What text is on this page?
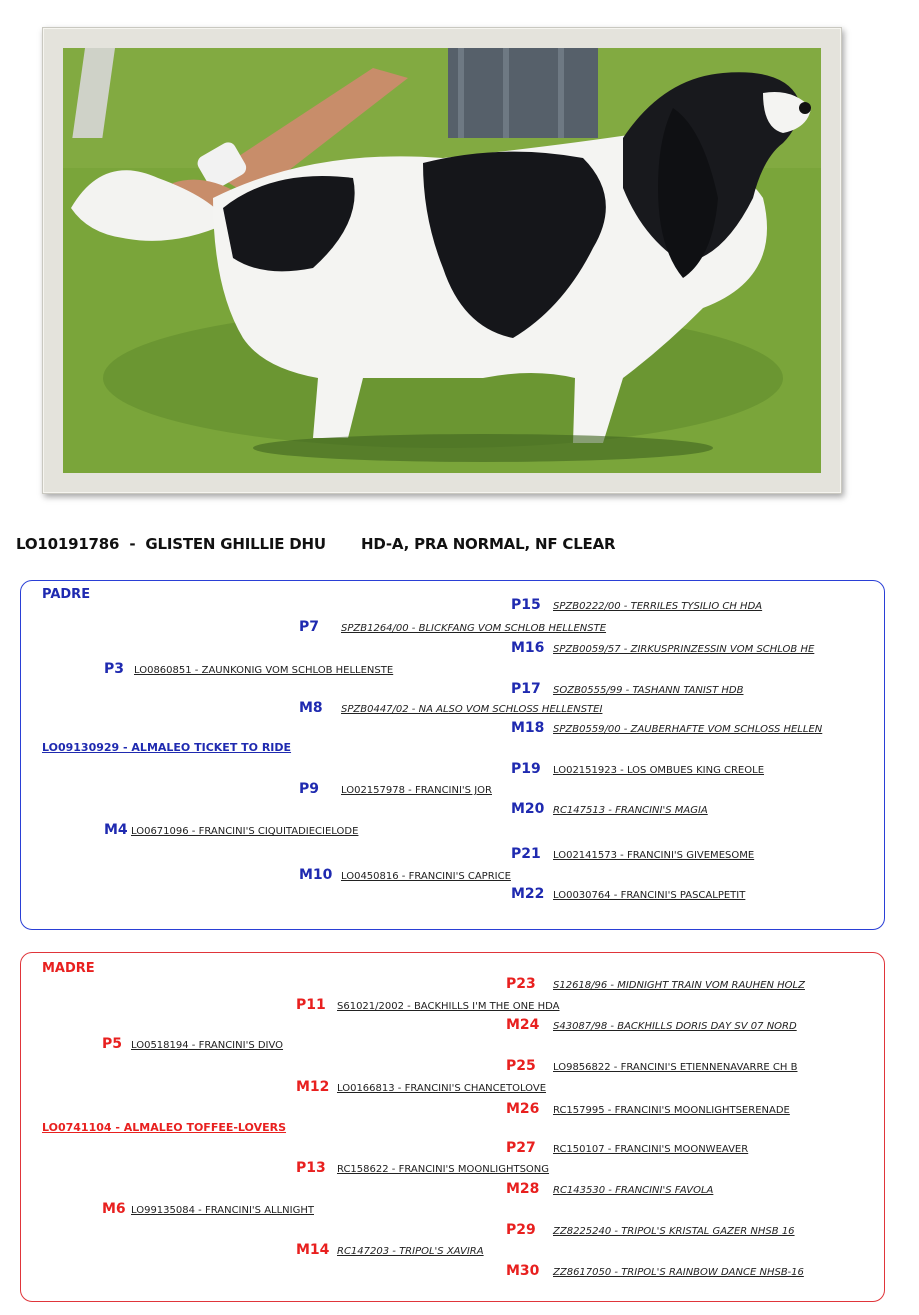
LO10191786  -  GLISTEN GHILLIE DHU HD-A, PRA NORMAL, NF CLEAR
PADRE
P15 SPZB0222/00 - TERRILES TYSILIO CH HDA
P7 SPZB1264/00 - BLICKFANG VOM SCHLOB HELLENSTE
M16 SPZB0059/57 - ZIRKUSPRINZESSIN VOM SCHLOB HE
P3 LO0860851 - ZAUNKONIG VOM SCHLOB HELLENSTE
P17 SOZB0555/99 - TASHANN TANIST HDB
M8 SPZB0447/02 - NA ALSO VOM SCHLOSS HELLENSTEI
M18 SPZB0559/00 - ZAUBERHAFTE VOM SCHLOSS HELLEN
LO09130929 - ALMALEO TICKET TO RIDE
P19 LO02151923 - LOS OMBUES KING CREOLE
P9 LO02157978 - FRANCINI'S JOR
M20 RC147513 - FRANCINI'S MAGIA
M4 LO0671096 - FRANCINI'S CIQUITADIECIELODE
P21 LO02141573 - FRANCINI'S GIVEMESOME
M10 LO0450816 - FRANCINI'S CAPRICE
M22 LO0030764 - FRANCINI'S PASCALPETIT
MADRE
P23 S12618/96 - MIDNIGHT TRAIN VOM RAUHEN HOLZ
P11 S61021/2002 - BACKHILLS I'M THE ONE HDA
M24 S43087/98 - BACKHILLS DORIS DAY SV 07 NORD
P5 LO0518194 - FRANCINI'S DIVO
P25 LO9856822 - FRANCINI'S ETIENNENAVARRE CH B
M12 LO0166813 - FRANCINI'S CHANCETOLOVE
M26 RC157995 - FRANCINI'S MOONLIGHTSERENADE
LO0741104 - ALMALEO TOFFEE-LOVERS
P27 RC150107 - FRANCINI'S MOONWEAVER
P13 RC158622 - FRANCINI'S MOONLIGHTSONG
M28 RC143530 - FRANCINI'S FAVOLA
M6 LO99135084 - FRANCINI'S ALLNIGHT
P29 ZZ8225240 - TRIPOL'S KRISTAL GAZER NHSB 16
M14 RC147203 - TRIPOL'S XAVIRA
M30 ZZ8617050 - TRIPOL'S RAINBOW DANCE NHSB-16
